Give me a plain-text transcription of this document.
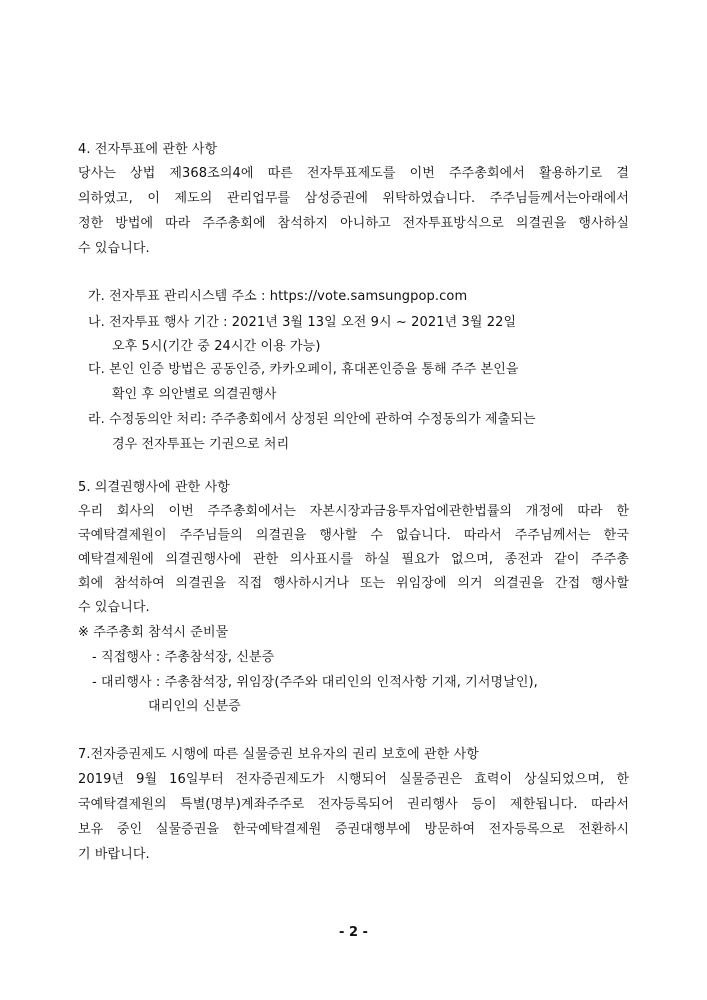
4. 전자투표에 관한 사항
당사는 상법 제368조의4에 따른 전자투표제도를 이번 주주총회에서 활용하기로 결
의하였고, 이 제도의 관리업무를 삼성증권에 위탁하였습니다. 주주님들께서는아래에서
정한 방법에 따라 주주총회에 참석하지 아니하고 전자투표방식으로 의결권을 행사하실
수 있습니다.
가. 전자투표 관리시스템 주소 : https://vote.samsungpop.com
나. 전자투표 행사 기간 : 2021년 3월 13일 오전 9시 ~ 2021년 3월 22일
오후 5시(기간 중 24시간 이용 가능)
다. 본인 인증 방법은 공동인증, 카카오페이, 휴대폰인증을 통해 주주 본인을
확인 후 의안별로 의결권행사
라. 수정동의안 처리: 주주총회에서 상정된 의안에 관하여 수정동의가 제출되는
경우 전자투표는 기권으로 처리
5. 의결권행사에 관한 사항
우리 회사의 이번 주주총회에서는 자본시장과금융투자업에관한법률의 개정에 따라 한
국예탁결제원이 주주님들의 의결권을 행사할 수 없습니다. 따라서 주주님께서는 한국
예탁결제원에 의결권행사에 관한 의사표시를 하실 필요가 없으며, 종전과 같이 주주총
회에 참석하여 의결권을 직접 행사하시거나 또는 위임장에 의거 의결권을 간접 행사할
수 있습니다.
※ 주주총회 참석시 준비물
- 직접행사 : 주총참석장, 신분증
- 대리행사 : 주총참석장, 위임장(주주와 대리인의 인적사항 기재, 기서명날인),
대리인의 신분증
7.전자증권제도 시행에 따른 실물증권 보유자의 권리 보호에 관한 사항
2019년 9월 16일부터 전자증권제도가 시행되어 실물증권은 효력이 상실되었으며, 한
국예탁결제원의 특별(명부)계좌주주로 전자등록되어 권리행사 등이 제한됩니다. 따라서
보유 중인 실물증권을 한국예탁결제원 증권대행부에 방문하여 전자등록으로 전환하시
기 바랍니다.
- 2 -
